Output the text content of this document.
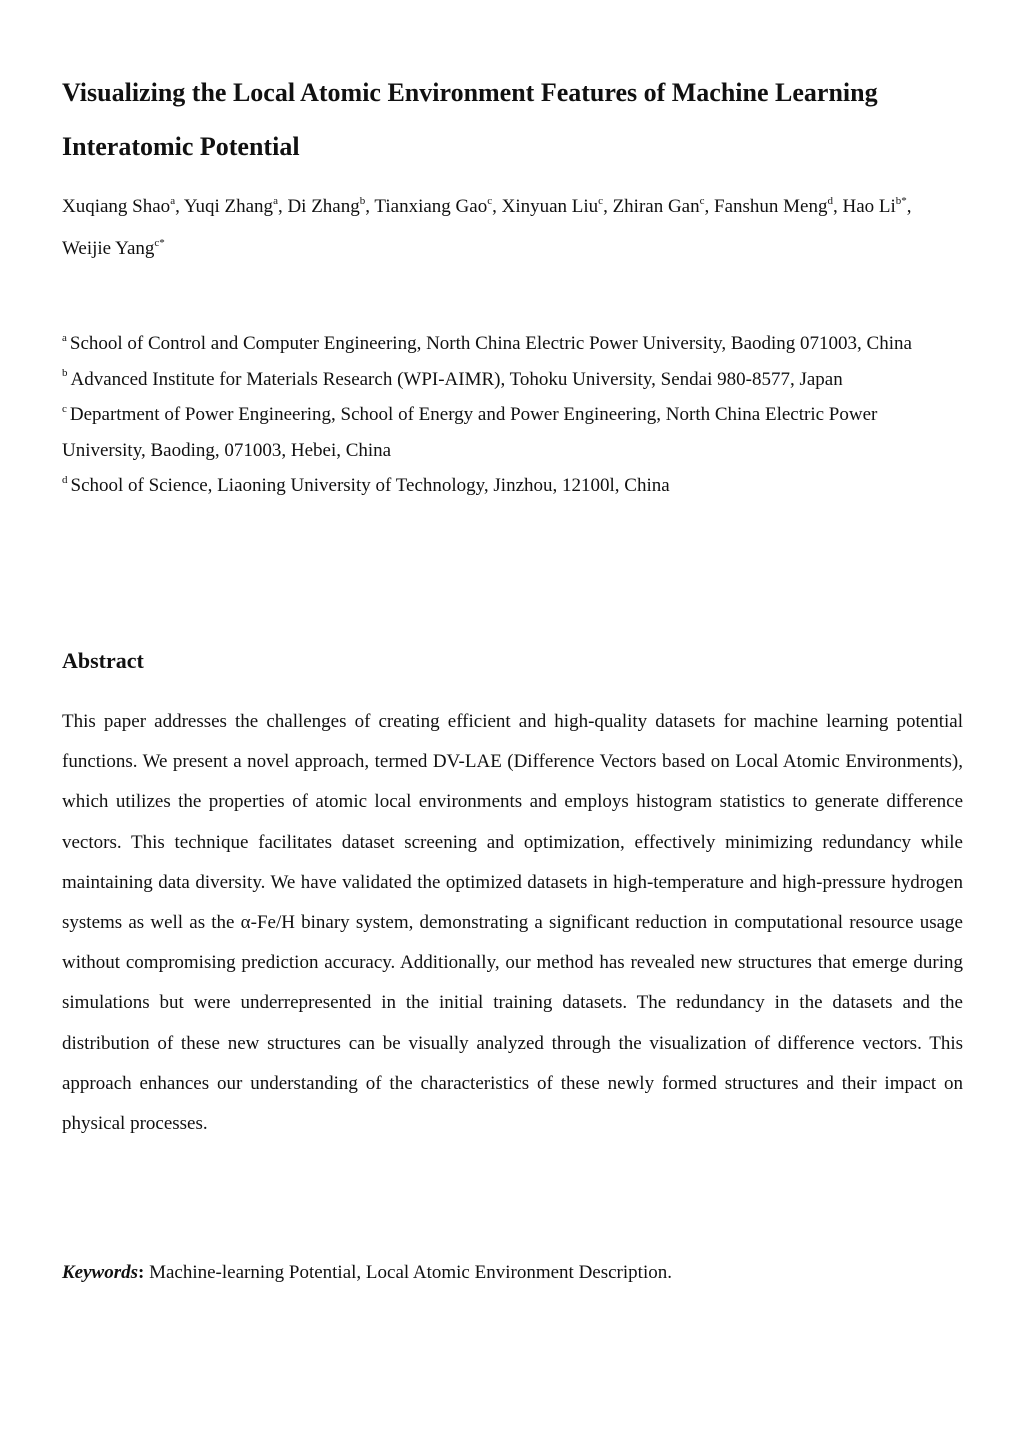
Visualizing the Local Atomic Environment Features of Machine Learning Interatomic Potential

Xuqiang Shao$^a$, Yuqi Zhang$^a$, Di Zhang$^b$, Tianxiang Gao$^c$, Xinyuan Liu$^c$, Zhiran Gan$^c$, Fanshun Meng$^d$, Hao $Li^{b*}$, Weijie Yang$^{c*}$

$^a$ School of Control and Computer Engineering, North China Electric Power University, Baoding 071003, China
$^b$ Advanced Institute for Materials Research (WPI-AIMR), Tohoku University, Sendai 980-8577, Japan
$^c$ Department of Power Engineering, School of Energy and Power Engineering, North China Electric Power University, Baoding, 071003, Hebei, China
$^d$ School of Science, Liaoning University of Technology, Jinzhou, 12100l, China
Abstract

This paper addresses the challenges of creating efficient and high-quality datasets for machine learning potential functions. We present a novel approach, termed DV-LAE (Difference Vectors based on Local Atomic Environments), which utilizes the properties of atomic local environments and employs histogram statistics to generate difference vectors. This technique facilitates dataset screening and optimization, effectively minimizing redundancy while maintaining data diversity. We have validated the optimized datasets in high-temperature and high-pressure hydrogen systems as well as the α-Fe/H binary system, demonstrating a significant reduction in computational resource usage without compromising prediction accuracy. Additionally, our method has revealed new structures that emerge during simulations but were underrepresented in the initial training datasets. The redundancy in the datasets and the distribution of these new structures can be visually analyzed through the visualization of difference vectors. This approach enhances our understanding of the characteristics of these newly formed structures and their impact on physical processes.

Keywords: Machine-learning Potential, Local Atomic Environment Description.
